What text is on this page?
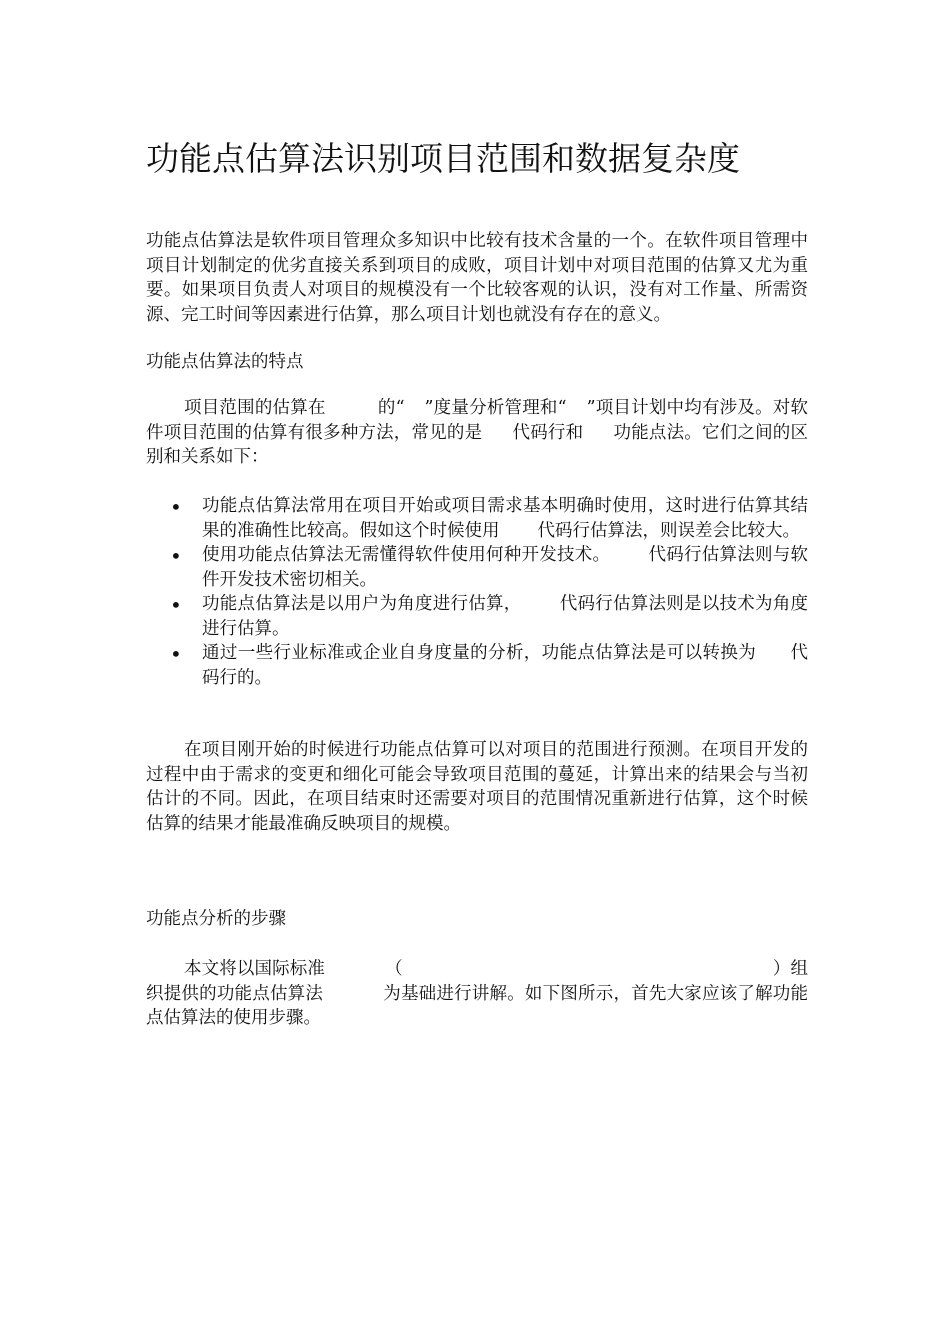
功能点估算法识别项目范围和数据复杂度

功能点估算法是软件项目管理众多知识中比较有技术含量的一个。在软件项目管理中项目计划制定的优劣直接关系到项目的成败，项目计划中对项目范围的估算又尤为重要。如果项目负责人对项目的规模没有一个比较客观的认识，没有对工作量、所需资源、完工时间等因素进行估算，那么项目计划也就没有存在的意义。

功能点估算法的特点

项目范围的估算在	的“ ”度量分析管理和“ ”项目计划中均有涉及。对软件项目范围的估算有很多种方法，常见的是 代码行和 功能点法。它们之间的区别和关系如下：

• 功能点估算法常用在项目开始或项目需求基本明确时使用，这时进行估算其结果的准确性比较高。假如这个时候使用 代码行估算法，则误差会比较大。
• 使用功能点估算法无需懂得软件使用何种开发技术。 代码行估算法则与软件开发技术密切相关。
• 功能点估算法是以用户为角度进行估算， 代码行估算法则是以技术为角度进行估算。
• 通过一些行业标准或企业自身度量的分析，功能点估算法是可以转换为 代码行的。

在项目刚开始的时候进行功能点估算可以对项目的范围进行预测。在项目开发的过程中由于需求的变更和细化可能会导致项目范围的蔓延，计算出来的结果会与当初估计的不同。因此，在项目结束时还需要对项目的范围情况重新进行估算，这个时候估算的结果才能最准确反映项目的规模。

功能点分析的步骤

本文将以国际标准	（	）组织提供的功能点估算法	为基础进行讲解。如下图所示，首先大家应该了解功能点估算法的使用步骤。
